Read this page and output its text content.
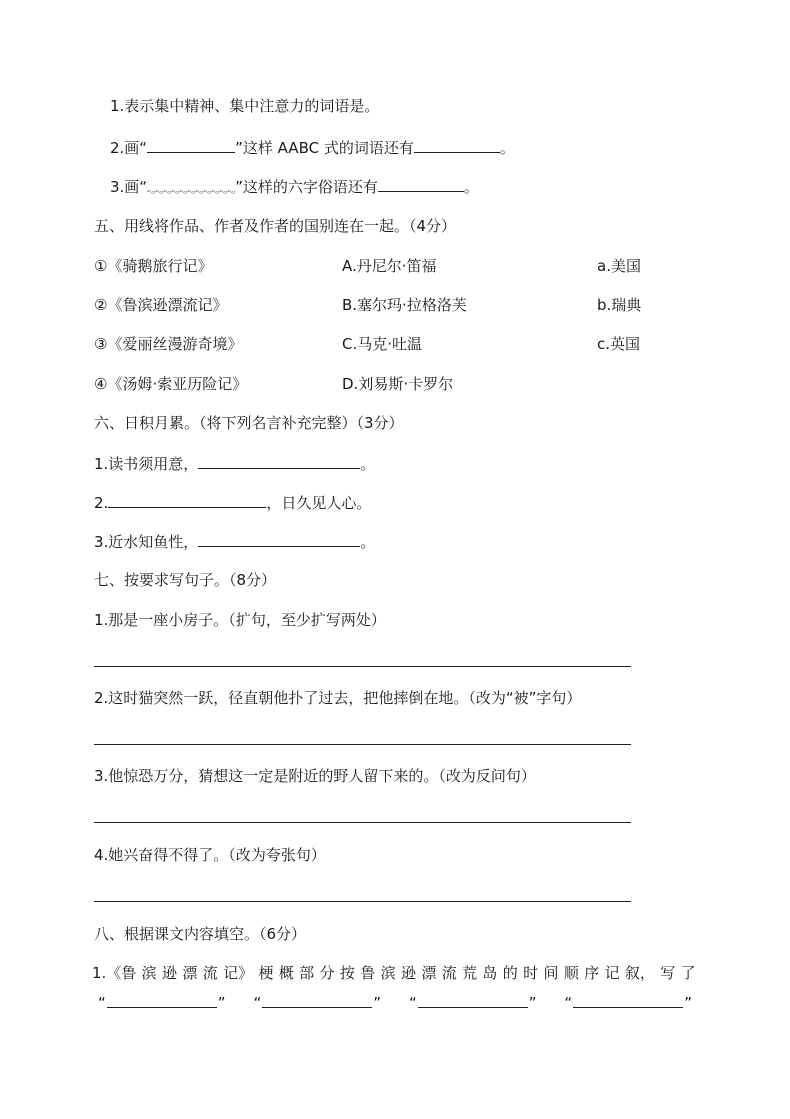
1.表示集中精神、集中注意力的词语是。
2.画“	”这样 AABC 式的词语还有	。
3.画“	”这样的六字俗语还有	。
五、用线将作品、作者及作者的国别连在一起。（4分）
①《骑鹅旅行记》	A.丹尼尔·笛福	a.美国
②《鲁滨逊漂流记》	B.塞尔玛·拉格洛芙	b.瑞典
③《爱丽丝漫游奇境》	C.马克·吐温	c.英国
④《汤姆·索亚历险记》	D.刘易斯·卡罗尔
六、日积月累。（将下列名言补充完整）（3分）
1.读书须用意，	。
2.	，日久见人心。
3.近水知鱼性，	。
七、按要求写句子。（8分）
1.那是一座小房子。（扩句，至少扩写两处）
2.这时猫突然一跃，径直朝他扑了过去，把他摔倒在地。（改为“被”字句）
3.他惊恐万分，猜想这一定是附近的野人留下来的。（改为反问句）
4.她兴奋得不得了。（改为夸张句）
八、根据课文内容填空。（6分）
1.《鲁 滨 逊 漂 流 记》 梗 概 部 分 按 鲁 滨 逊 漂 流 荒 岛 的 时 间 顺 序 记 叙， 写 了
“	” “	” “	” “	”
